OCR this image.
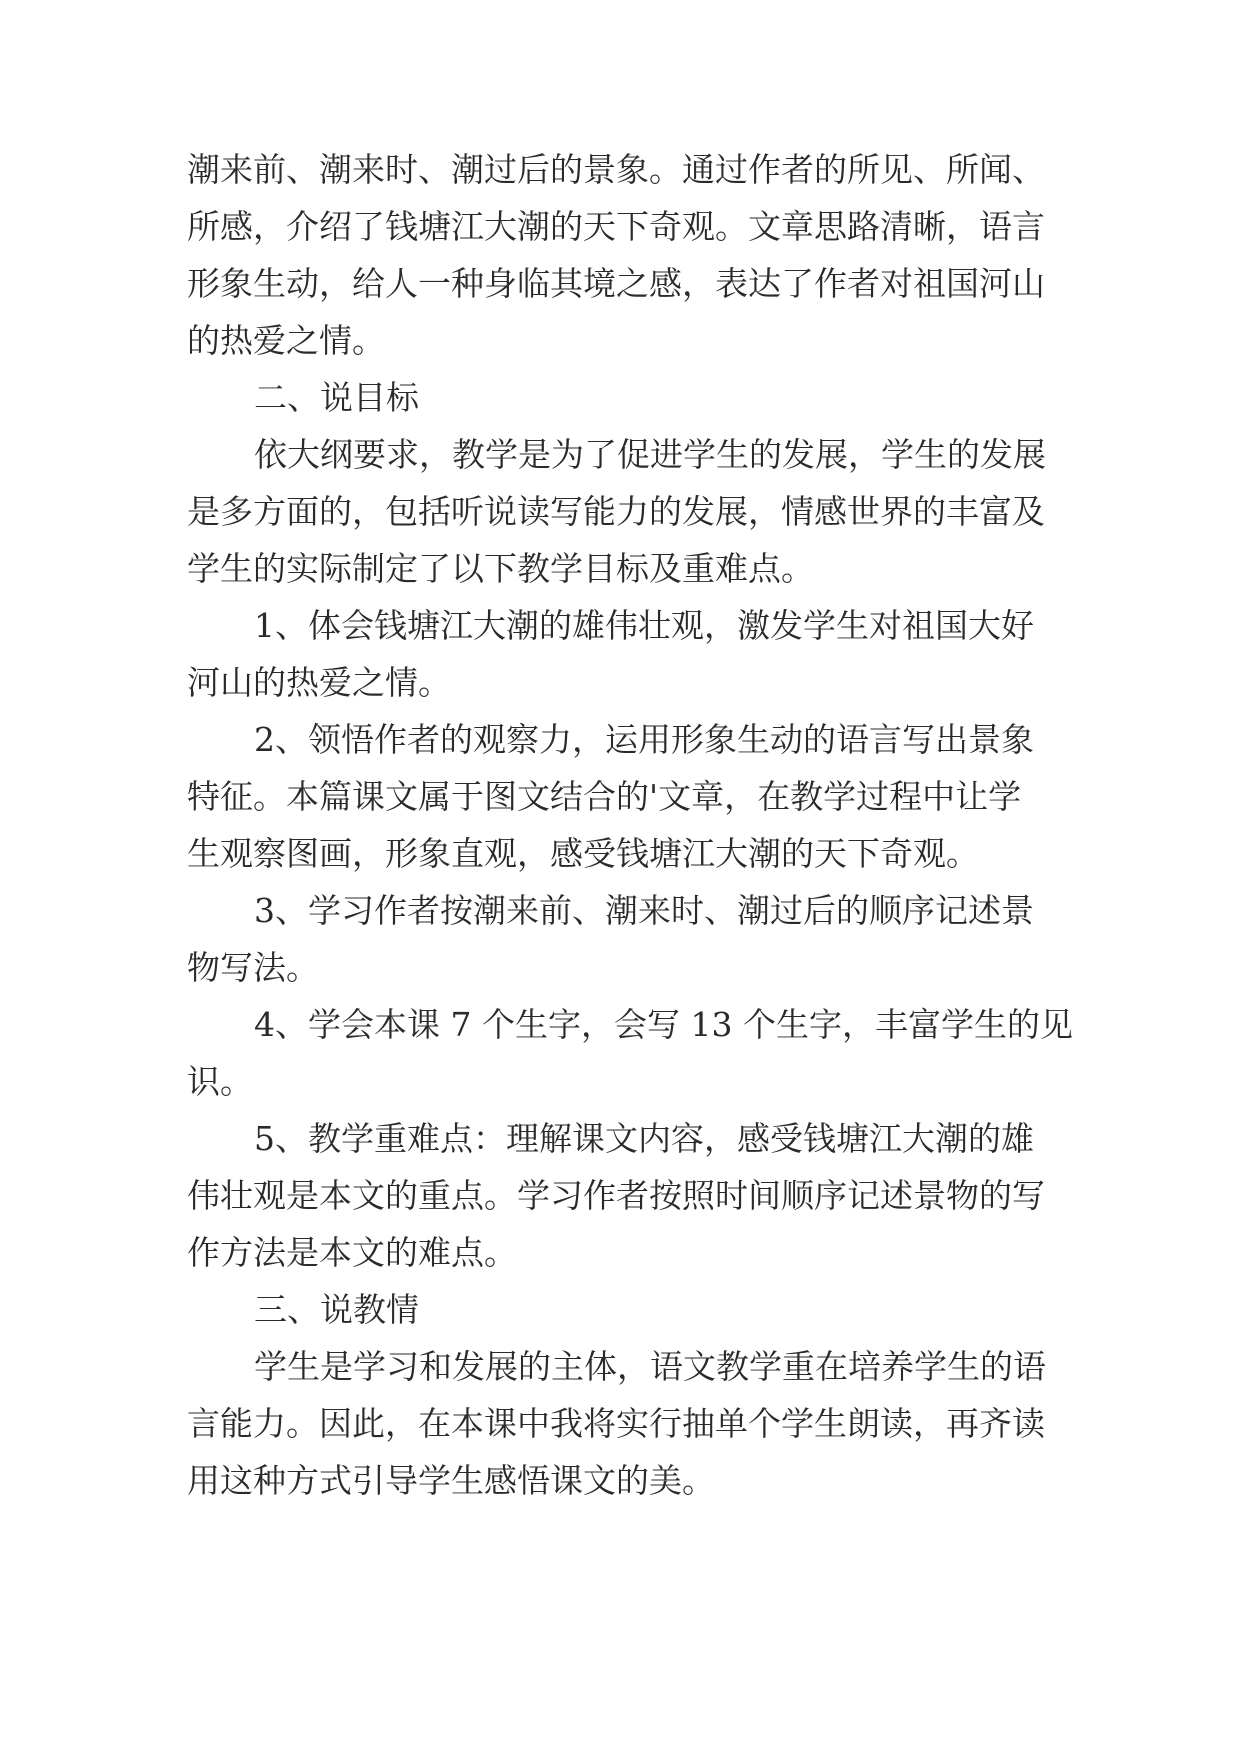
潮来前、潮来时、潮过后的景象。通过作者的所见、所闻、
所感，介绍了钱塘江大潮的天下奇观。文章思路清晰，语言
形象生动，给人一种身临其境之感，表达了作者对祖国河山
的热爱之情。
二、说目标
依大纲要求，教学是为了促进学生的发展，学生的发展
是多方面的，包括听说读写能力的发展，情感世界的丰富及
学生的实际制定了以下教学目标及重难点。
1、体会钱塘江大潮的雄伟壮观，激发学生对祖国大好
河山的热爱之情。
2、领悟作者的观察力，运用形象生动的语言写出景象
特征。本篇课文属于图文结合的'文章，在教学过程中让学
生观察图画，形象直观，感受钱塘江大潮的天下奇观。
3、学习作者按潮来前、潮来时、潮过后的顺序记述景
物写法。
4、学会本课 7 个生字，会写 13 个生字，丰富学生的见
识。
5、教学重难点：理解课文内容，感受钱塘江大潮的雄
伟壮观是本文的重点。学习作者按照时间顺序记述景物的写
作方法是本文的难点。
三、说教情
学生是学习和发展的主体，语文教学重在培养学生的语
言能力。因此，在本课中我将实行抽单个学生朗读，再齐读
用这种方式引导学生感悟课文的美。
